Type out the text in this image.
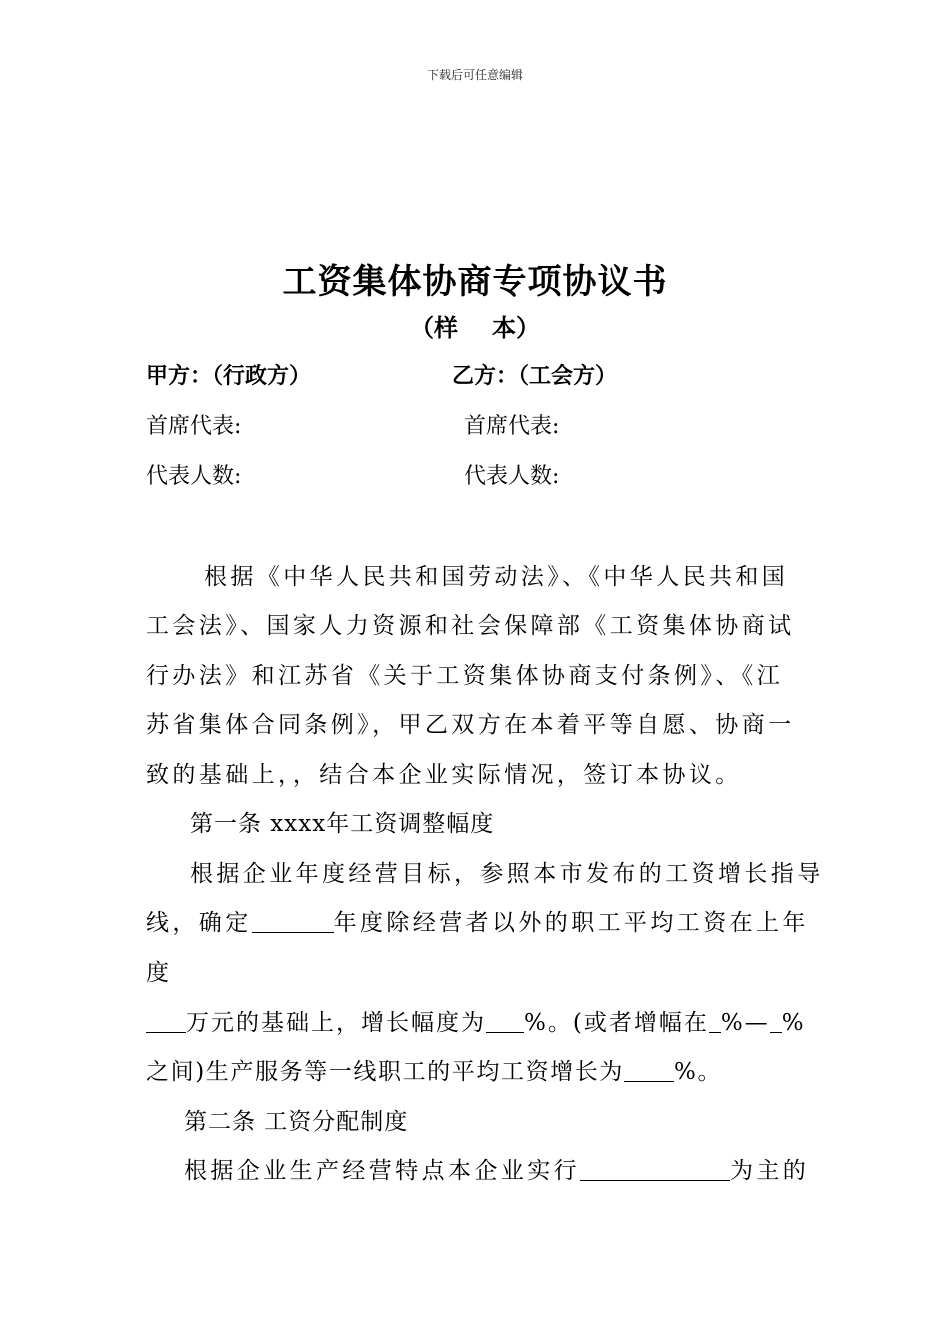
下载后可任意编辑
工资集体协商专项协议书
（样 本）
甲方：（行政方）	乙方：（工会方）
首席代表:	首席代表:
代表人数:	代表人数:
根据《中华人民共和国劳动法》、《中华人民共和国
工会法》、国家人力资源和社会保障部《工资集体协商试
行办法》和江苏省《关于工资集体协商支付条例》、《江
苏省集体合同条例》，甲乙双方在本着平等自愿、协商一
致的基础上，，结合本企业实际情况，签订本协议。
第一条 xxxx年工资调整幅度
根据企业年度经营目标，参照本市发布的工资增长指导
线，确定	年度除经营者以外的职工平均工资在上年
度
万元的基础上，增长幅度为 %。(或者增幅在 %— %
之间)生产服务等一线职工的平均工资增长为 %。
第二条 工资分配制度
根据企业生产经营特点本企业实行	为主的
